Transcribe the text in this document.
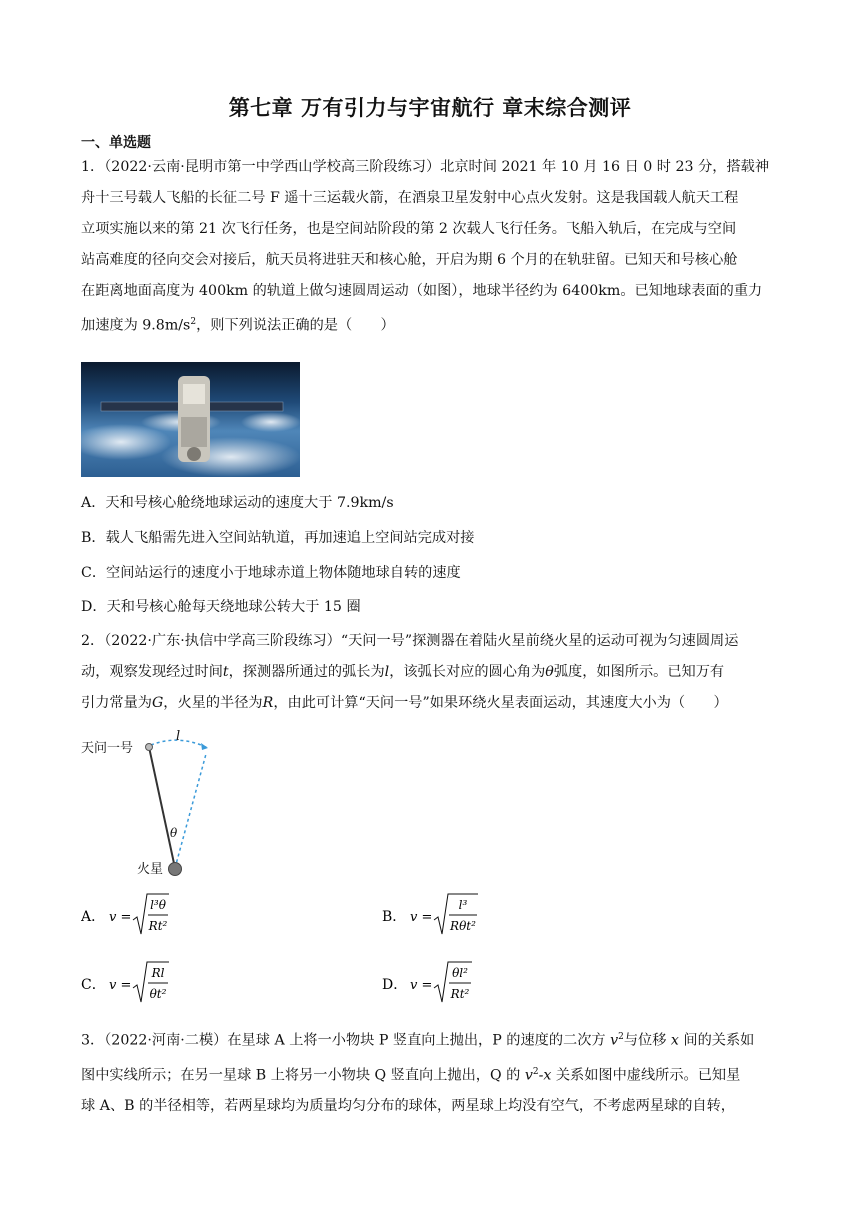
第七章 万有引力与宇宙航行 章末综合测评
一、单选题
1．（2022·云南·昆明市第一中学西山学校高三阶段练习）北京时间 2021 年 10 月 16 日 0 时 23 分，搭载神
舟十三号载人飞船的长征二号 F 遥十三运载火箭，在酒泉卫星发射中心点火发射。这是我国载人航天工程
立项实施以来的第 21 次飞行任务，也是空间站阶段的第 2 次载人飞行任务。飞船入轨后，在完成与空间
站高难度的径向交会对接后，航天员将进驻天和核心舱，开启为期 6 个月的在轨驻留。已知天和号核心舱
在距离地面高度为 400km 的轨道上做匀速圆周运动（如图），地球半径约为 6400km。已知地球表面的重力
加速度为 $9.8m/s^2$，则下列说法正确的是（　　）
A．天和号核心舱绕地球运动的速度大于 7.9km/s
B．载人飞船需先进入空间站轨道，再加速追上空间站完成对接
C．空间站运行的速度小于地球赤道上物体随地球自转的速度
D．天和号核心舱每天绕地球公转大于 15 圈
2．（2022·广东·执信中学高三阶段练习）“天问一号”探测器在着陆火星前绕火星的运动可视为匀速圆周运
动，观察发现经过时间t，探测器所通过的弧长为l，该弧长对应的圆心角为θ弧度，如图所示。已知万有
引力常量为G，火星的半径为R，由此可计算“天问一号”如果环绕火星表面运动，其速度大小为（　　）
天问一号
火星
l
θ
A． v =
l³θ
Rt²
B． v =
l³
Rθt²
C． v =
Rl
θt²
D． v =
θl²
Rt²
3．（2022·河南·二模）在星球 A 上将一小物块 P 竖直向上抛出，P 的速度的二次方 $v^2$与位移 x 间的关系如
图中实线所示；在另一星球 B 上将另一小物块 Q 竖直向上抛出，Q 的 $v^2-x$ 关系如图中虚线所示。已知星
球 A、B 的半径相等，若两星球均为质量均匀分布的球体，两星球上均没有空气，不考虑两星球的自转，
